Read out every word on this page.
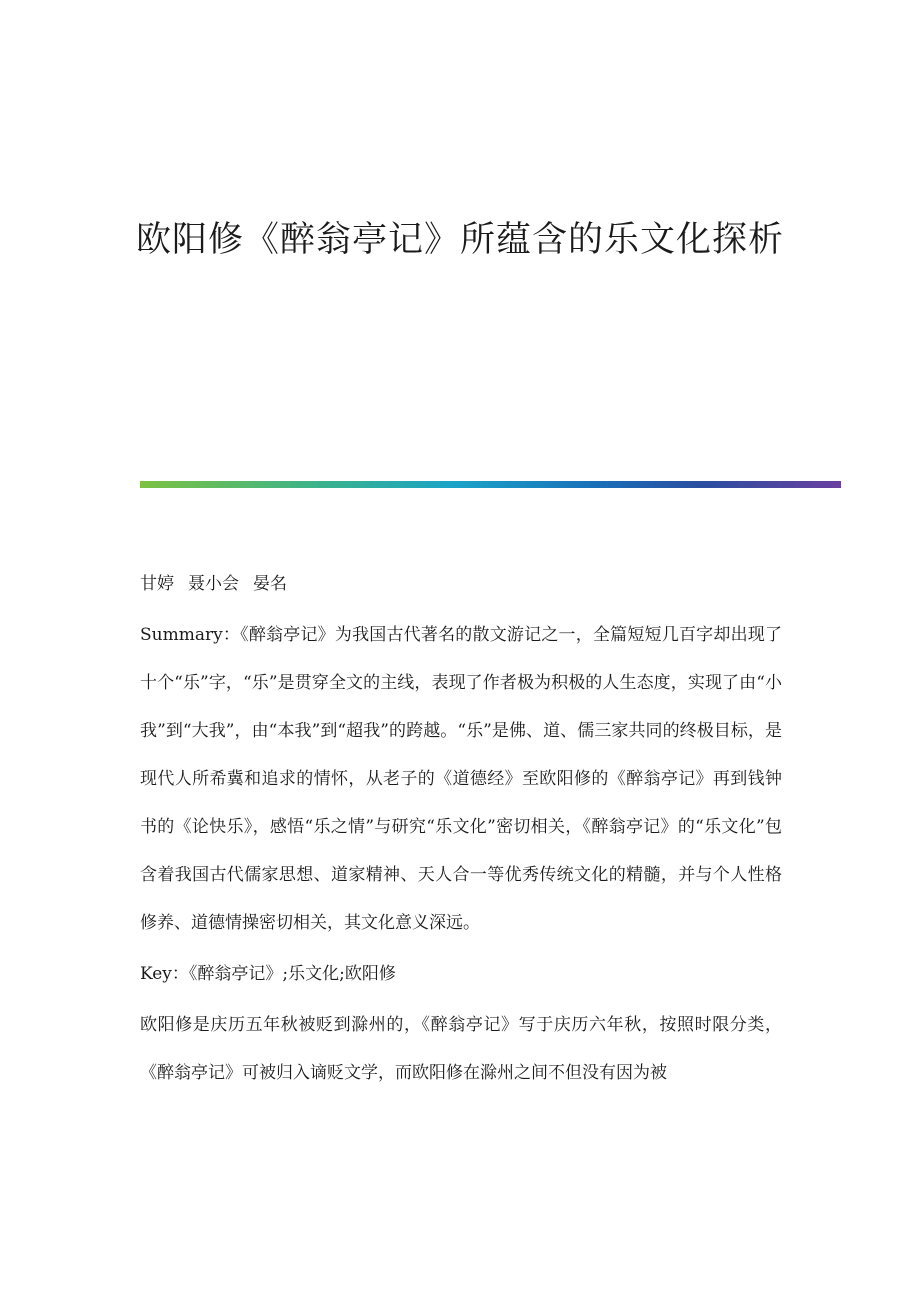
欧阳修《醉翁亭记》所蕴含的乐文化探析

甘婷 聂小会 晏名

Summary：《醉翁亭记》为我国古代著名的散文游记之一，全篇短短几百字却出现了十个“乐”字，“乐”是贯穿全文的主线，表现了作者极为积极的人生态度，实现了由“小我”到“大我”，由“本我”到“超我”的跨越。“乐”是佛、道、儒三家共同的终极目标，是现代人所希冀和追求的情怀，从老子的《道德经》至欧阳修的《醉翁亭记》再到钱钟书的《论快乐》，感悟“乐之情”与研究“乐文化”密切相关，《醉翁亭记》的“乐文化”包含着我国古代儒家思想、道家精神、天人合一等优秀传统文化的精髓，并与个人性格修养、道德情操密切相关，其文化意义深远。

Key：《醉翁亭记》;乐文化;欧阳修

欧阳修是庆历五年秋被贬到滁州的，《醉翁亭记》写于庆历六年秋，按照时限分类，《醉翁亭记》可被归入谪贬文学，而欧阳修在滁州之间不但没有因为被
